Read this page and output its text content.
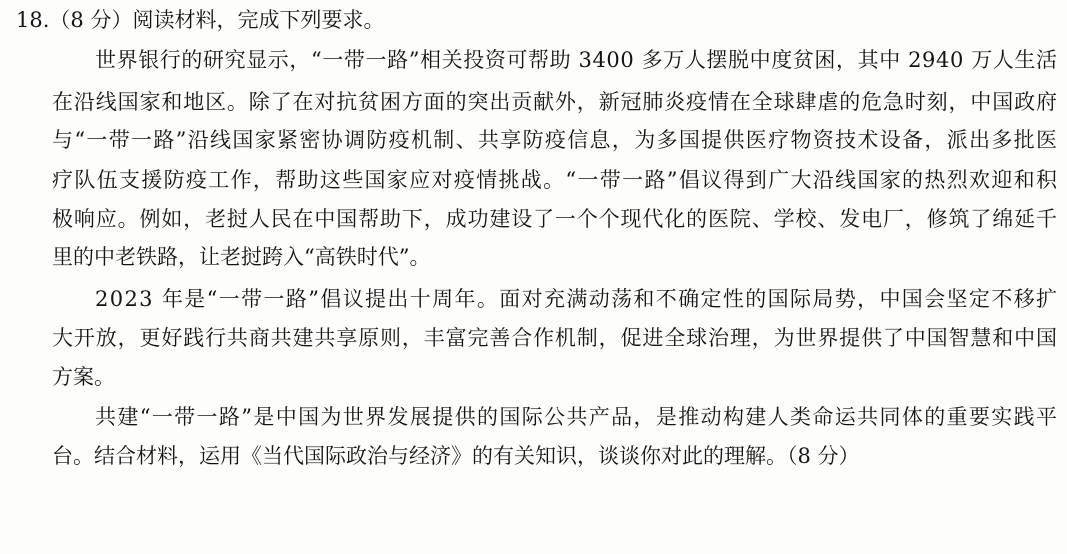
18.（8 分）阅读材料，完成下列要求。
世界银行的研究显示，“一带一路”相关投资可帮助 3400 多万人摆脱中度贫困，其中 2940 万人生活
在沿线国家和地区。除了在对抗贫困方面的突出贡献外，新冠肺炎疫情在全球肆虐的危急时刻，中国政府
与“一带一路”沿线国家紧密协调防疫机制、共享防疫信息，为多国提供医疗物资技术设备，派出多批医
疗队伍支援防疫工作，帮助这些国家应对疫情挑战。“一带一路”倡议得到广大沿线国家的热烈欢迎和积
极响应。例如，老挝人民在中国帮助下，成功建设了一个个现代化的医院、学校、发电厂，修筑了绵延千
里的中老铁路，让老挝跨入“高铁时代”。
2023 年是“一带一路”倡议提出十周年。面对充满动荡和不确定性的国际局势，中国会坚定不移扩
大开放，更好践行共商共建共享原则，丰富完善合作机制，促进全球治理，为世界提供了中国智慧和中国
方案。
共建“一带一路”是中国为世界发展提供的国际公共产品，是推动构建人类命运共同体的重要实践平
台。结合材料，运用《当代国际政治与经济》的有关知识，谈谈你对此的理解。（8 分）
